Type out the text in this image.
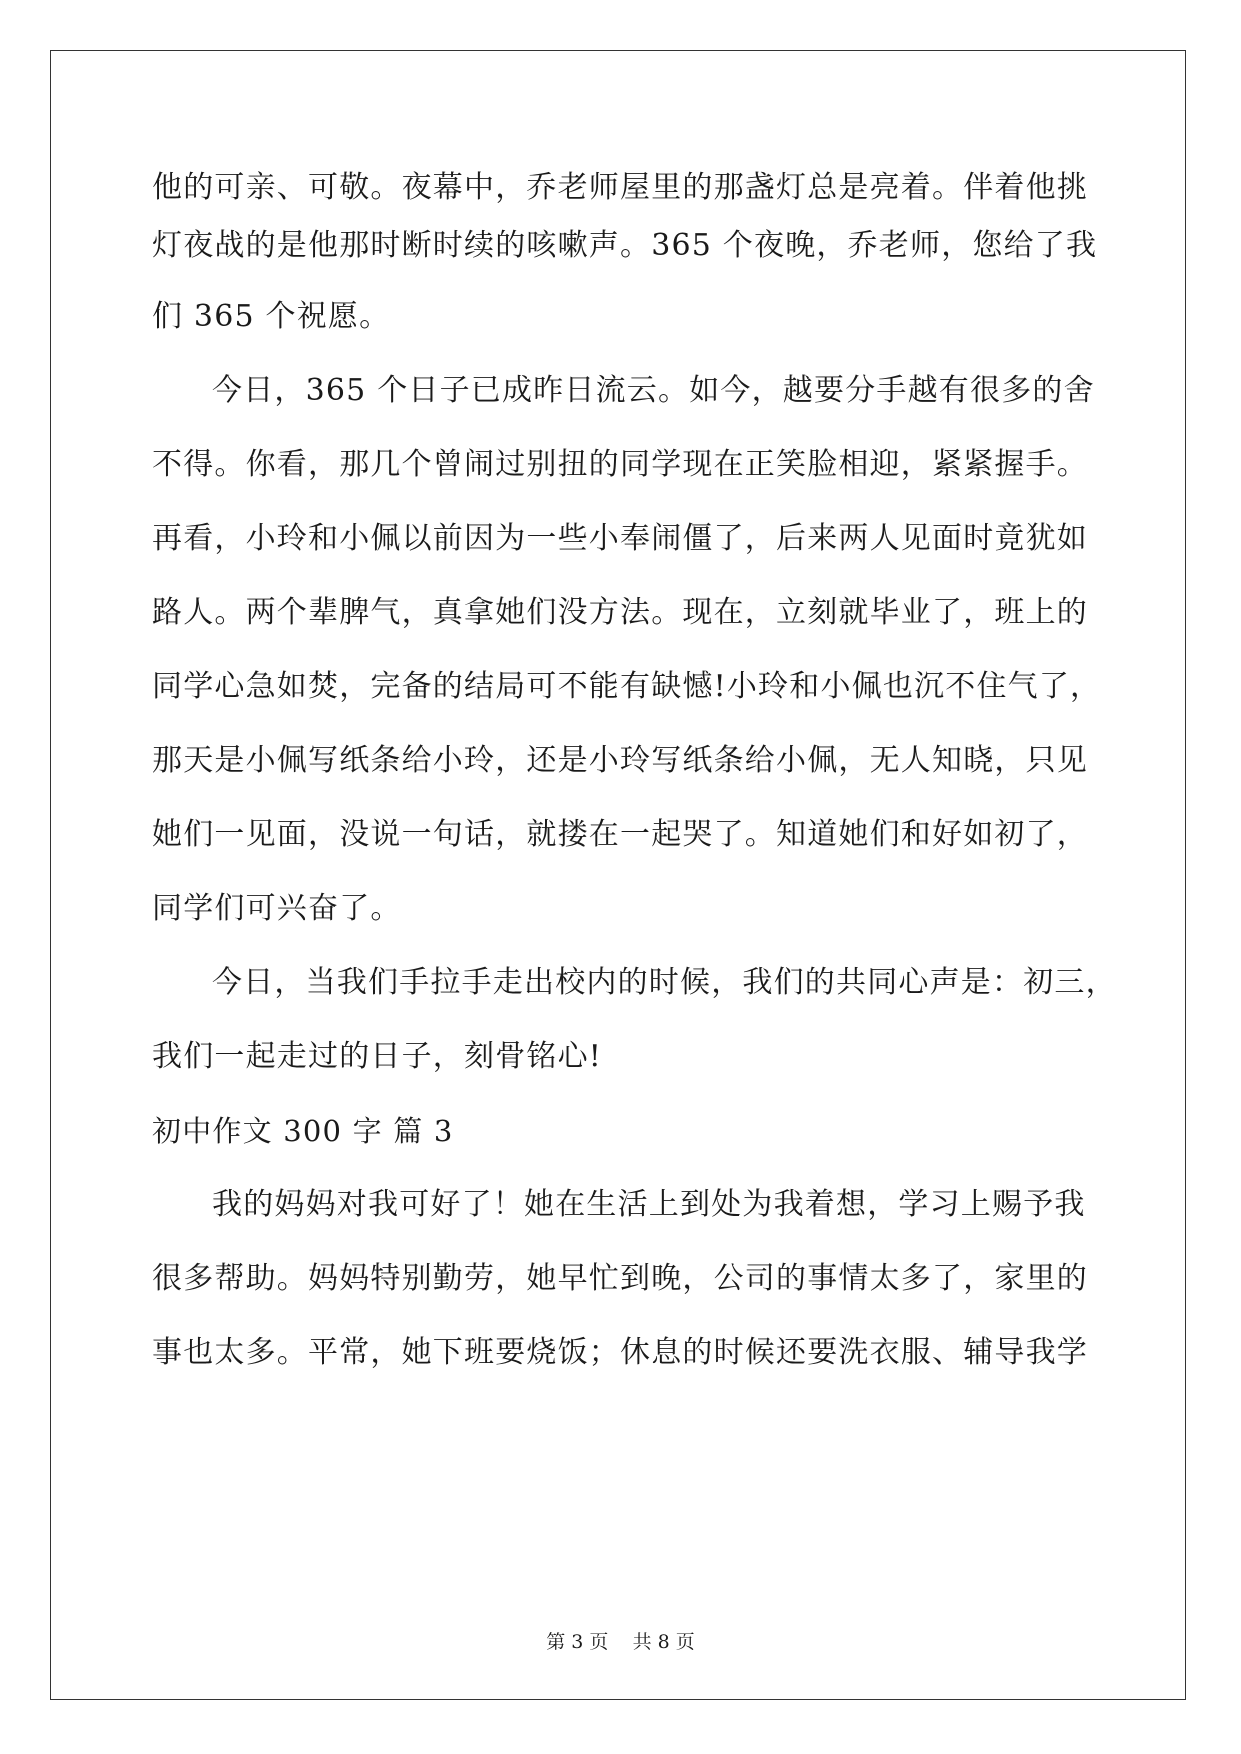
他的可亲、可敬。夜幕中，乔老师屋里的那盏灯总是亮着。伴着他挑
灯夜战的是他那时断时续的咳嗽声。365 个夜晚，乔老师，您给了我
们 365 个祝愿。
今日，365 个日子已成昨日流云。如今，越要分手越有很多的舍
不得。你看，那几个曾闹过别扭的同学现在正笑脸相迎，紧紧握手。
再看，小玲和小佩以前因为一些小奉闹僵了，后来两人见面时竟犹如
路人。两个辈脾气，真拿她们没方法。现在，立刻就毕业了，班上的
同学心急如焚，完备的结局可不能有缺憾!小玲和小佩也沉不住气了，
那天是小佩写纸条给小玲，还是小玲写纸条给小佩，无人知晓，只见
她们一见面，没说一句话，就搂在一起哭了。知道她们和好如初了，
同学们可兴奋了。
今日，当我们手拉手走出校内的时候，我们的共同心声是：初三，
我们一起走过的日子，刻骨铭心!
初中作文 300 字 篇 3
我的妈妈对我可好了！她在生活上到处为我着想，学习上赐予我
很多帮助。妈妈特别勤劳，她早忙到晚，公司的事情太多了，家里的
事也太多。平常，她下班要烧饭；休息的时候还要洗衣服、辅导我学
第 3 页    共 8 页
